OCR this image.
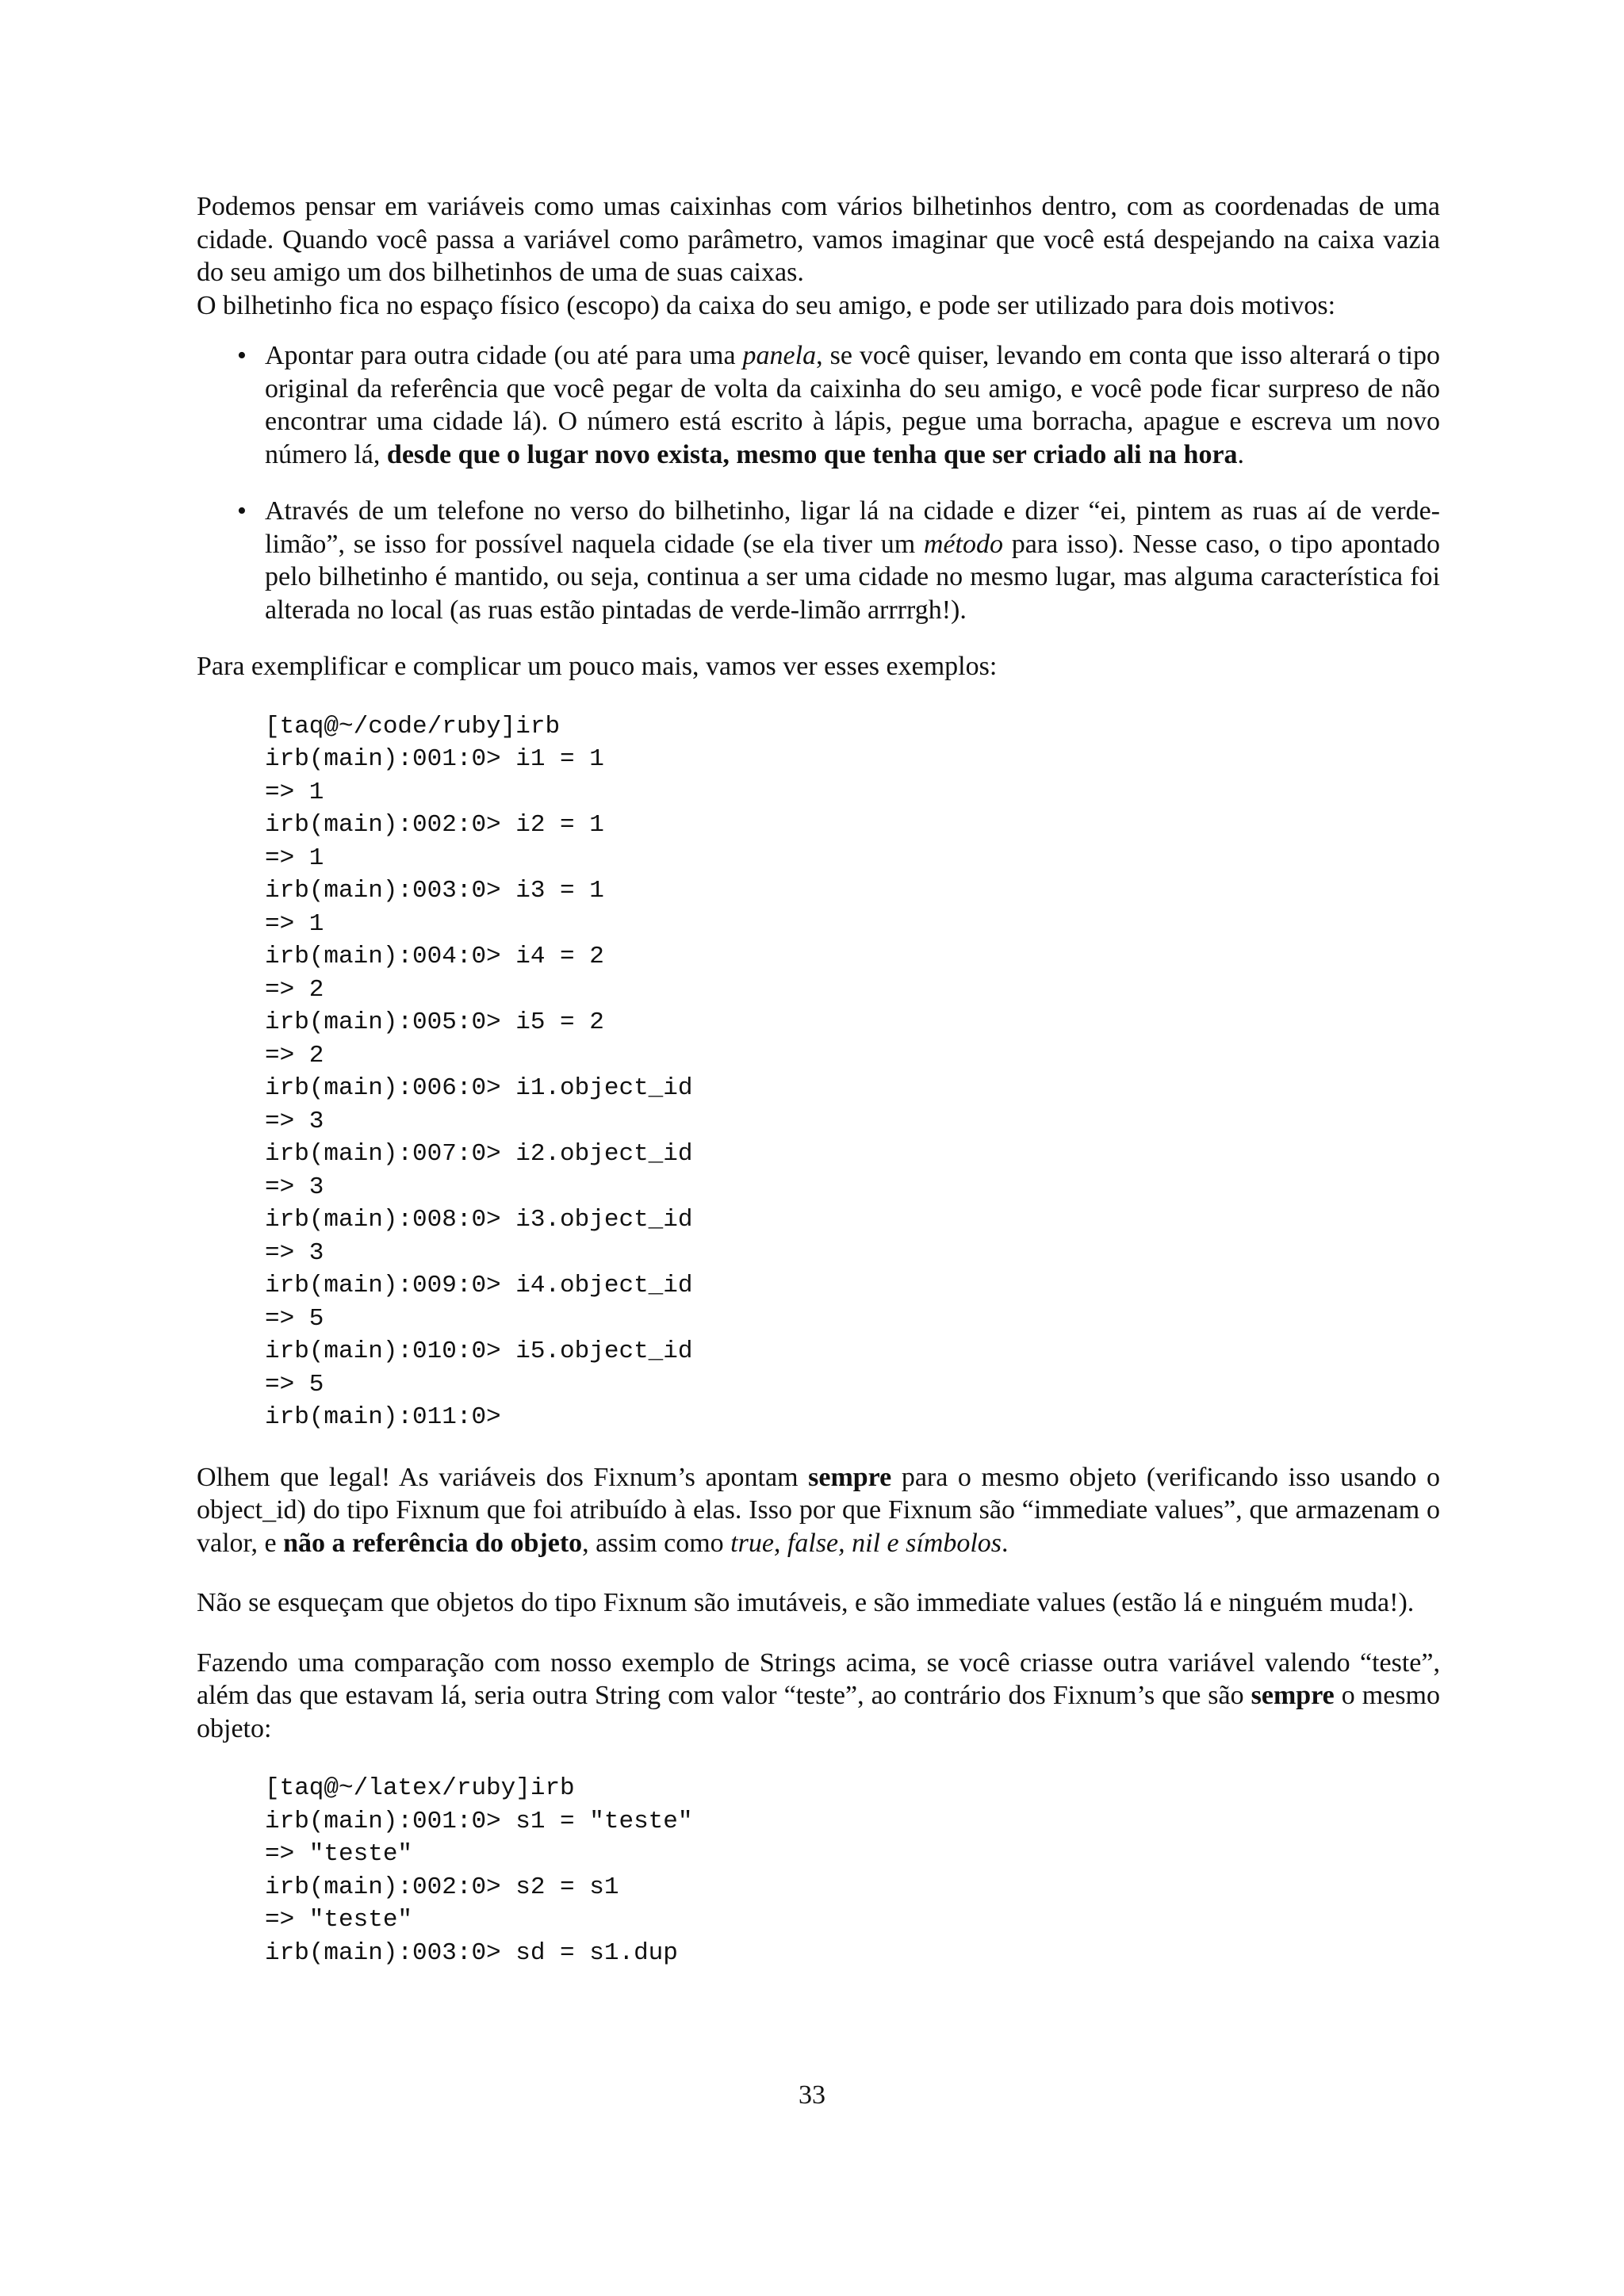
Podemos pensar em variáveis como umas caixinhas com vários bilhetinhos dentro, com as coordenadas de uma cidade. Quando você passa a variável como parâmetro, vamos imaginar que você está despejando na caixa vazia do seu amigo um dos bilhetinhos de uma de suas caixas.

O bilhetinho fica no espaço físico (escopo) da caixa do seu amigo, e pode ser utilizado para dois motivos:

• Apontar para outra cidade (ou até para uma panela, se você quiser, levando em conta que isso alterará o tipo original da referência que você pegar de volta da caixinha do seu amigo, e você pode ficar surpreso de não encontrar uma cidade lá). O número está escrito à lápis, pegue uma borracha, apague e escreva um novo número lá, desde que o lugar novo exista, mesmo que tenha que ser criado ali na hora.
• Através de um telefone no verso do bilhetinho, ligar lá na cidade e dizer “ei, pintem as ruas aí de verde-limão”, se isso for possível naquela cidade (se ela tiver um método para isso). Nesse caso, o tipo apontado pelo bilhetinho é mantido, ou seja, continua a ser uma cidade no mesmo lugar, mas alguma característica foi alterada no local (as ruas estão pintadas de verde-limão arrrrgh!).

Para exemplificar e complicar um pouco mais, vamos ver esses exemplos:

[taq@~/code/ruby]irb
irb(main):001:0> i1 = 1
=> 1
irb(main):002:0> i2 = 1
=> 1
irb(main):003:0> i3 = 1
=> 1
irb(main):004:0> i4 = 2
=> 2
irb(main):005:0> i5 = 2
=> 2
irb(main):006:0> i1.object_id
=> 3
irb(main):007:0> i2.object_id
=> 3
irb(main):008:0> i3.object_id
=> 3
irb(main):009:0> i4.object_id
=> 5
irb(main):010:0> i5.object_id
=> 5
irb(main):011:0>

Olhem que legal! As variáveis dos Fixnum’s apontam sempre para o mesmo objeto (verificando isso usando o object_id) do tipo Fixnum que foi atribuído à elas. Isso por que Fixnum são “immediate values”, que armazenam o valor, e não a referência do objeto, assim como true, false, nil e símbolos.

Não se esqueçam que objetos do tipo Fixnum são imutáveis, e são immediate values (estão lá e ninguém muda!).

Fazendo uma comparação com nosso exemplo de Strings acima, se você criasse outra variável valendo “teste”, além das que estavam lá, seria outra String com valor “teste”, ao contrário dos Fixnum’s que são sempre o mesmo objeto:

[taq@~/latex/ruby]irb
irb(main):001:0> s1 = "teste"
=> "teste"
irb(main):002:0> s2 = s1
=> "teste"
irb(main):003:0> sd = s1.dup
33
